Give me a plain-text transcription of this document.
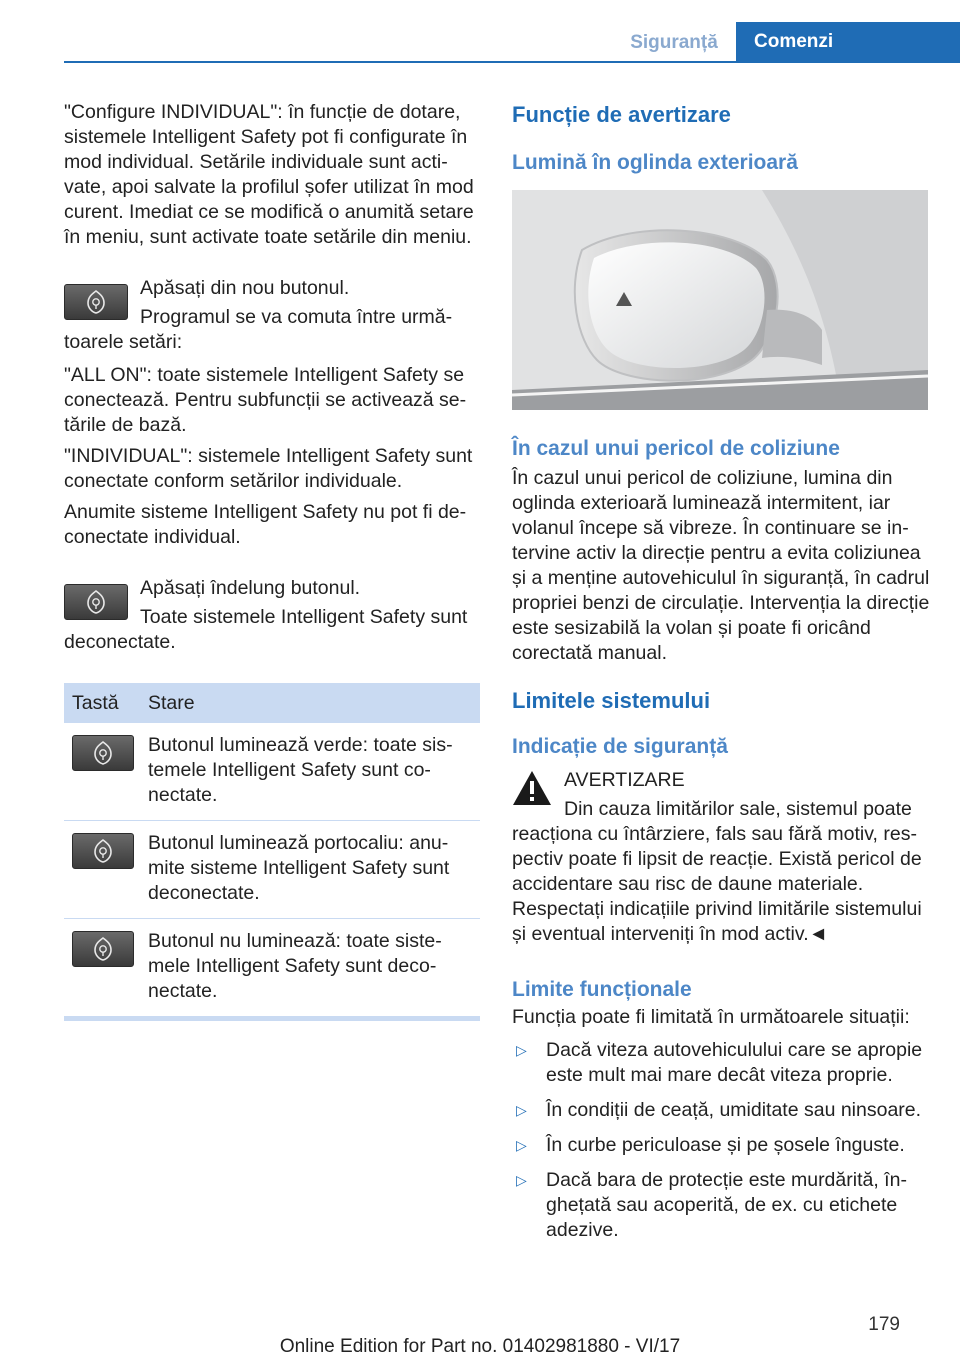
Siguranță	Comenzi

"Configure INDIVIDUAL": în funcție de dotare, sistemele Intelligent Safety pot fi configurate în mod individual. Setările individuale sunt activate, apoi salvate la profilul șofer utilizat în mod curent. Imediat ce se modifică o anumită setare în meniu, sunt activate toate setările din meniu.

Apăsați din nou butonul.

Programul se va comuta între următoarele setări:

"ALL ON": toate sistemele Intelligent Safety se conectează. Pentru subfuncții se activează setările de bază.

"INDIVIDUAL": sistemele Intelligent Safety sunt conectate conform setărilor individuale.

Anumite sisteme Intelligent Safety nu pot fi deconectate individual.

Apăsați îndelung butonul.

Toate sistemele Intelligent Safety sunt deconectate.

Tastă	Stare

	Butonul luminează verde: toate sistemele Intelligent Safety sunt conectate.

	Butonul luminează portocaliu: anumite sisteme Intelligent Safety sunt deconectate.

	Butonul nu luminează: toate sistemele Intelligent Safety sunt deconectate.
Funcție de avertizare
Lumină în oglinda exterioară
În cazul unui pericol de coliziune

În cazul unui pericol de coliziune, lumina din oglinda exterioară luminează intermitent, iar volanul începe să vibreze. În continuare se intervine activ la direcție pentru a evita coliziunea și a menține autovehiculul în siguranță, în cadrul propriei benzi de circulație. Intervenția la direcție este sesizabilă la volan și poate fi oricând corectată manual.

Limitele sistemului
Indicație de siguranță

AVERTIZARE

Din cauza limitărilor sale, sistemul poate reacționa cu întârziere, fals sau fără motiv, respectiv poate fi lipsit de reacție. Există pericol de accidentare sau risc de daune materiale. Respectați indicațiile privind limitările sistemului și eventual interveniți în mod activ.◄

Limite funcționale

Funcția poate fi limitată în următoarele situații:

▷ Dacă viteza autovehiculului care se apropie este mult mai mare decât viteza proprie.
▷ În condiții de ceață, umiditate sau ninsoare.
▷ În curbe periculoase și pe șosele înguste.
▷ Dacă bara de protecție este murdărită, înghețată sau acoperită, de ex. cu etichete adezive.
179
Online Edition for Part no. 01402981880 - VI/17
